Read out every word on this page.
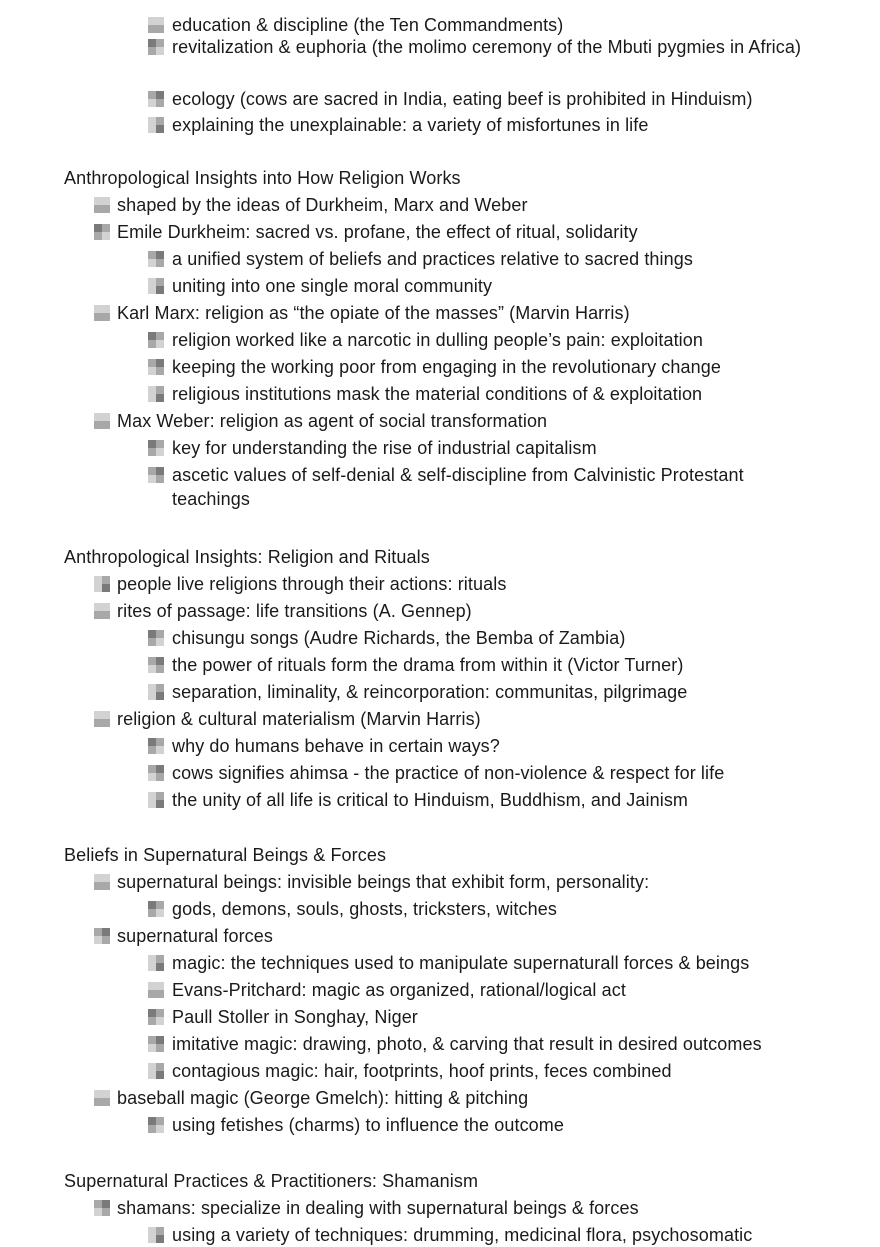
education & discipline (the Ten Commandments)
revitalization & euphoria (the molimo ceremony of the Mbuti pygmies in Africa)
ecology (cows are sacred in India, eating beef is prohibited in Hinduism)
explaining the unexplainable: a variety of misfortunes in life
Anthropological Insights into How Religion Works
shaped by the ideas of Durkheim, Marx and Weber
Emile Durkheim: sacred vs. profane, the effect of ritual, solidarity
a unified system of beliefs and practices relative to sacred things
uniting into one single moral community
Karl Marx: religion as “the opiate of the masses” (Marvin Harris)
religion worked like a narcotic in dulling people’s pain: exploitation
keeping the working poor from engaging in the revolutionary change
religious institutions mask the material conditions of & exploitation
Max Weber: religion as agent of social transformation
key for understanding the rise of industrial capitalism
ascetic values of self-denial & self-discipline from Calvinistic Protestant teachings
Anthropological Insights: Religion and Rituals
people live religions through their actions: rituals
rites of passage: life transitions (A. Gennep)
chisungu songs (Audre Richards, the Bemba of Zambia)
the power of rituals form the drama from within it (Victor Turner)
separation, liminality, & reincorporation: communitas, pilgrimage
religion & cultural materialism (Marvin Harris)
why do humans behave in certain ways?
cows signifies ahimsa - the practice of non-violence & respect for life
the unity of all life is critical to Hinduism, Buddhism, and Jainism
Beliefs in Supernatural Beings & Forces
supernatural beings: invisible beings that exhibit form, personality:
gods, demons, souls, ghosts, tricksters, witches
supernatural forces
magic: the techniques used to manipulate supernaturall forces & beings
Evans-Pritchard: magic as organized, rational/logical act
Paull Stoller in Songhay, Niger
imitative magic: drawing, photo, & carving that result in desired outcomes
contagious magic: hair, footprints, hoof prints, feces combined
baseball magic (George Gmelch): hitting & pitching
using fetishes (charms) to influence the outcome
Supernatural Practices & Practitioners: Shamanism
shamans: specialize in dealing with supernatural beings & forces
using a variety of techniques: drumming, medicinal flora, psychosomatic
